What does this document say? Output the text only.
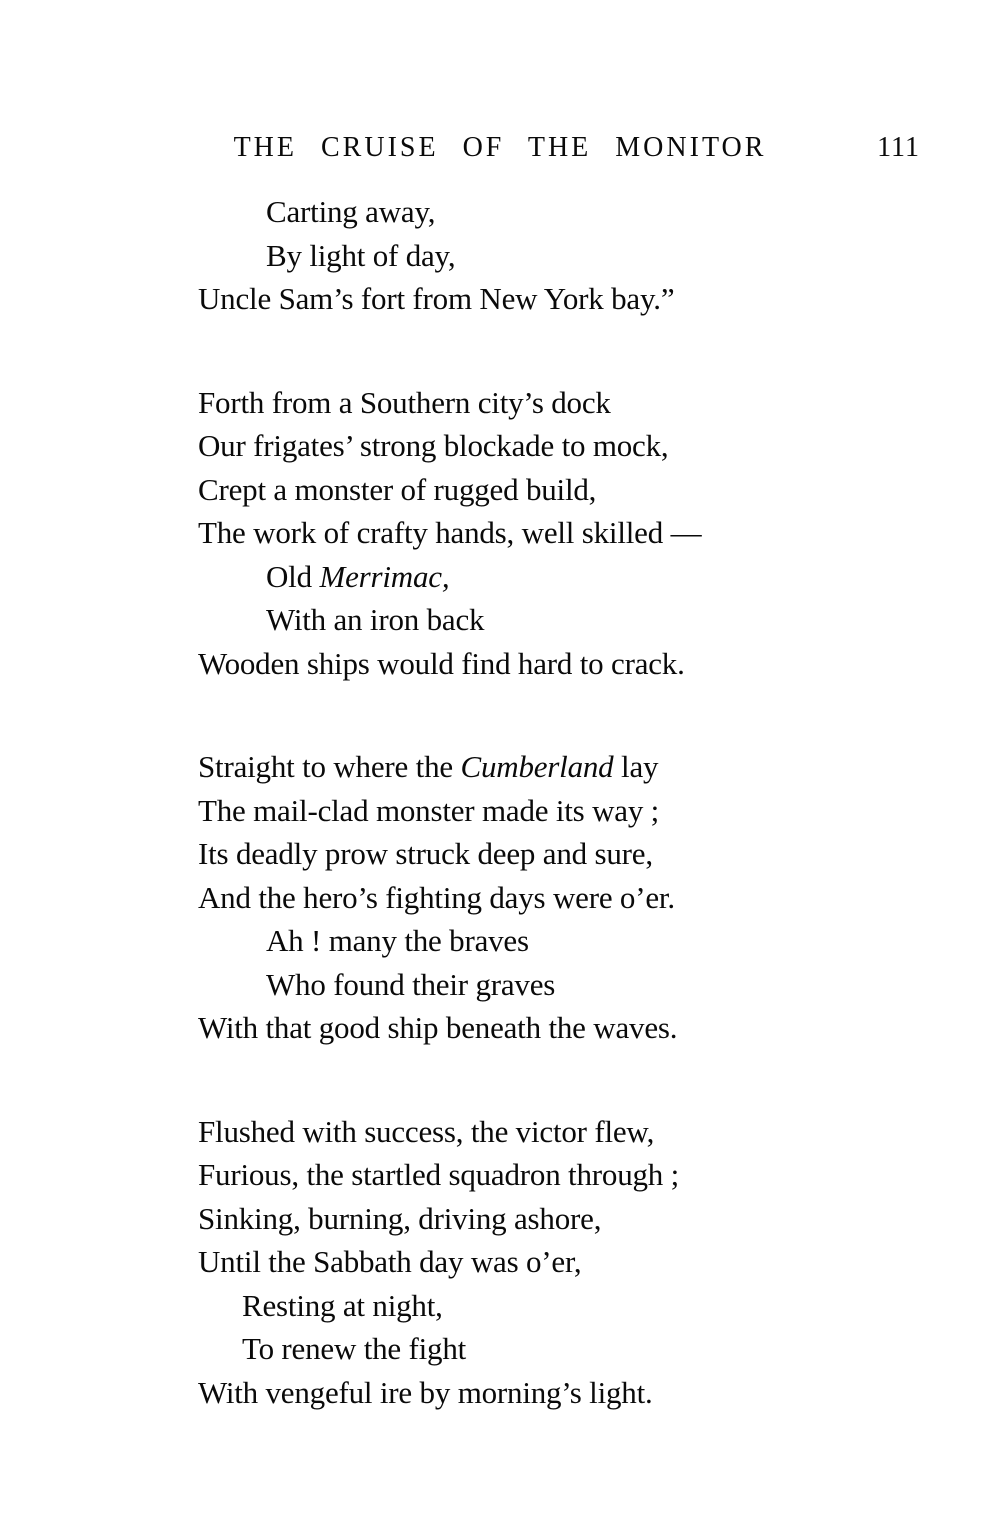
THE CRUISE OF THE MONITOR	111
Carting away,
By light of day,
Uncle Sam’s fort from New York bay.”
Forth from a Southern city’s dock
Our frigates’ strong blockade to mock,
Crept a monster of rugged build,
The work of crafty hands, well skilled —
Old Merrimac,
With an iron back
Wooden ships would find hard to crack.
Straight to where the Cumberland lay
The mail-clad monster made its way ;
Its deadly prow struck deep and sure,
And the hero’s fighting days were o’er.
Ah ! many the braves
Who found their graves
With that good ship beneath the waves.
Flushed with success, the victor flew,
Furious, the startled squadron through ;
Sinking, burning, driving ashore,
Until the Sabbath day was o’er,
Resting at night,
To renew the fight
With vengeful ire by morning’s light.
